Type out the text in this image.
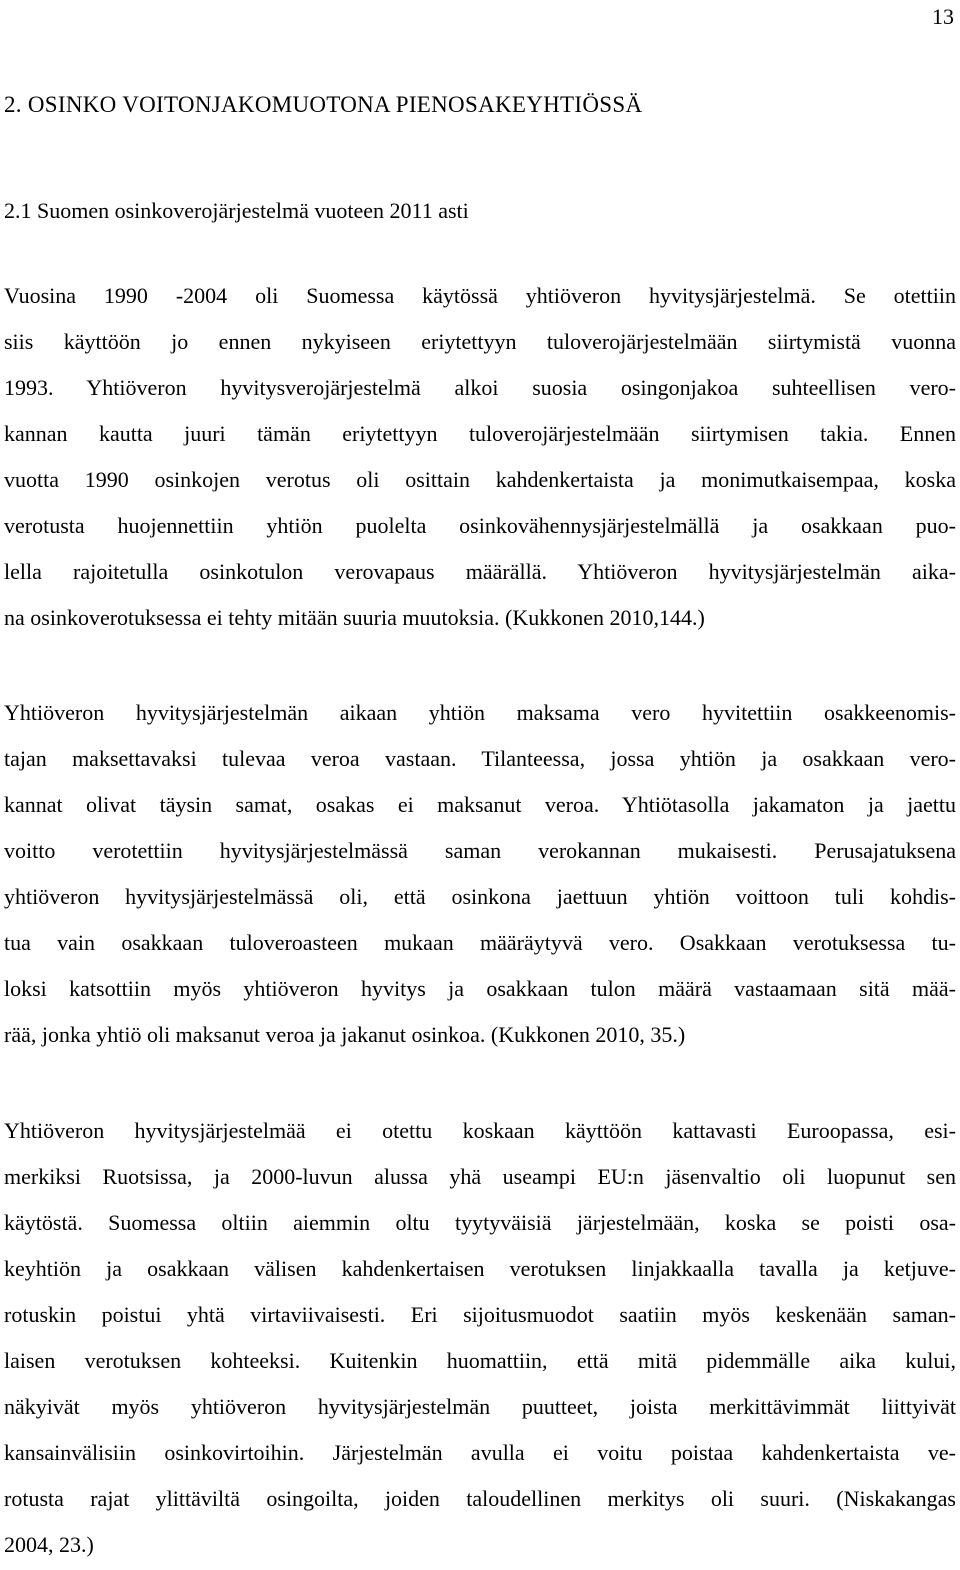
13
2. OSINKO VOITONJAKOMUOTONA PIENOSAKEYHTIÖSSÄ
2.1 Suomen osinkoverojärjestelmä vuoteen 2011 asti
Vuosina 1990 -2004 oli Suomessa käytössä yhtiöveron hyvitysjärjestelmä. Se otettiin
siis käyttöön jo ennen nykyiseen eriytettyyn tuloverojärjestelmään siirtymistä vuonna
1993. Yhtiöveron hyvitysverojärjestelmä alkoi suosia osingonjakoa suhteellisen vero-
kannan kautta juuri tämän eriytettyyn tuloverojärjestelmään siirtymisen takia. Ennen
vuotta 1990 osinkojen verotus oli osittain kahdenkertaista ja monimutkaisempaa, koska
verotusta huojennettiin yhtiön puolelta osinkovähennysjärjestelmällä ja osakkaan puo-
lella rajoitetulla osinkotulon verovapaus määrällä. Yhtiöveron hyvitysjärjestelmän aika-
na osinkoverotuksessa ei tehty mitään suuria muutoksia. (Kukkonen 2010,144.)
Yhtiöveron hyvitysjärjestelmän aikaan yhtiön maksama vero hyvitettiin osakkeenomis-
tajan maksettavaksi tulevaa veroa vastaan. Tilanteessa, jossa yhtiön ja osakkaan vero-
kannat olivat täysin samat, osakas ei maksanut veroa. Yhtiötasolla jakamaton ja jaettu
voitto verotettiin hyvitysjärjestelmässä saman verokannan mukaisesti. Perusajatuksena
yhtiöveron hyvitysjärjestelmässä oli, että osinkona jaettuun yhtiön voittoon tuli kohdis-
tua vain osakkaan tuloveroasteen mukaan määräytyvä vero. Osakkaan verotuksessa tu-
loksi katsottiin myös yhtiöveron hyvitys ja osakkaan tulon määrä vastaamaan sitä mää-
rää, jonka yhtiö oli maksanut veroa ja jakanut osinkoa. (Kukkonen 2010, 35.)
Yhtiöveron hyvitysjärjestelmää ei otettu koskaan käyttöön kattavasti Euroopassa, esi-
merkiksi Ruotsissa, ja 2000-luvun alussa yhä useampi EU:n jäsenvaltio oli luopunut sen
käytöstä. Suomessa oltiin aiemmin oltu tyytyväisiä järjestelmään, koska se poisti osa-
keyhtiön ja osakkaan välisen kahdenkertaisen verotuksen linjakkaalla tavalla ja ketjuve-
rotuskin poistui yhtä virtaviivaisesti. Eri sijoitusmuodot saatiin myös keskenään saman-
laisen verotuksen kohteeksi. Kuitenkin huomattiin, että mitä pidemmälle aika kului,
näkyivät myös yhtiöveron hyvitysjärjestelmän puutteet, joista merkittävimmät liittyivät
kansainvälisiin osinkovirtoihin. Järjestelmän avulla ei voitu poistaa kahdenkertaista ve-
rotusta rajat ylittäviltä osingoilta, joiden taloudellinen merkitys oli suuri. (Niskakangas
2004, 23.)
